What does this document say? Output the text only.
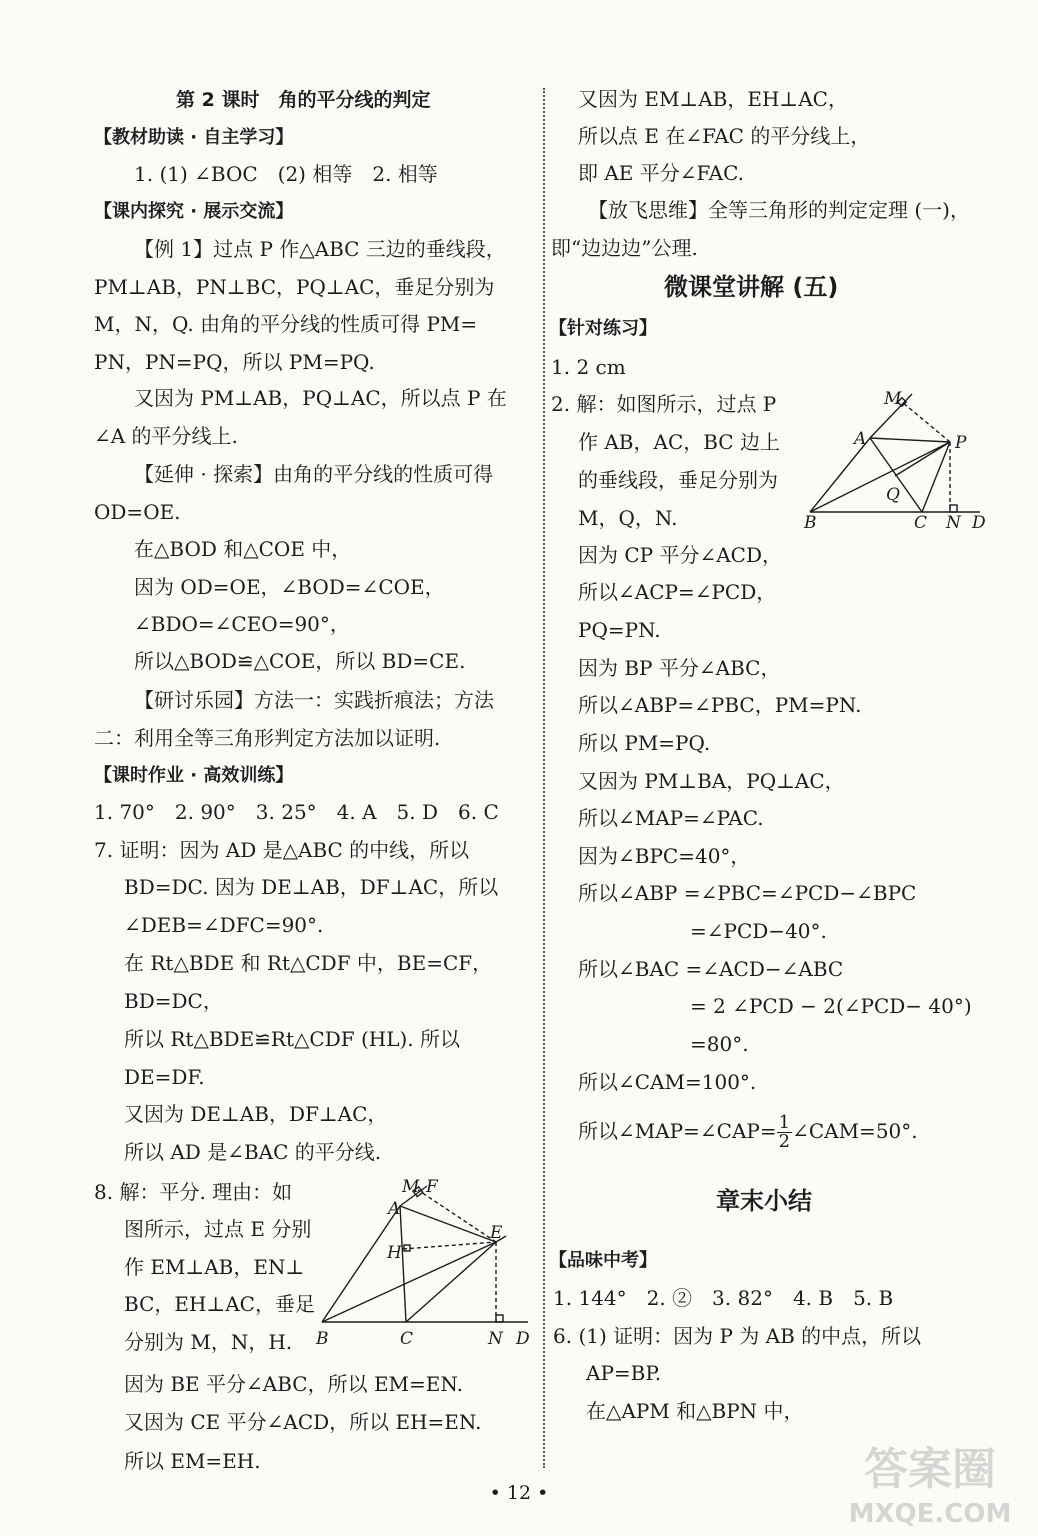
第 2 课时　角的平分线的判定
【教材助读 · 自主学习】
1. (1) ∠BOC　(2) 相等　2. 相等
【课内探究 · 展示交流】
【例 1】过点 P 作△ABC 三边的垂线段，
PM⊥AB，PN⊥BC，PQ⊥AC，垂足分别为
M，N，Q. 由角的平分线的性质可得 PM=
PN，PN=PQ，所以 PM=PQ.
又因为 PM⊥AB，PQ⊥AC，所以点 P 在
∠A 的平分线上.
【延伸 · 探索】由角的平分线的性质可得
OD=OE.
在△BOD 和△COE 中，
因为 OD=OE，∠BOD=∠COE，
∠BDO=∠CEO=90°，
所以△BOD≌△COE，所以 BD=CE.
【研讨乐园】方法一：实践折痕法；方法
二：利用全等三角形判定方法加以证明.
【课时作业 · 高效训练】
1. 70°　2. 90°　3. 25°　4. A　5. D　6. C
7. 证明：因为 AD 是△ABC 的中线，所以
BD=DC. 因为 DE⊥AB，DF⊥AC，所以
∠DEB=∠DFC=90°.
在 Rt△BDE 和 Rt△CDF 中，BE=CF，
BD=DC，
所以 Rt△BDE≌Rt△CDF (HL). 所以
DE=DF.
又因为 DE⊥AB，DF⊥AC，
所以 AD 是∠BAC 的平分线.
8. 解：平分. 理由：如
图所示，过点 E 分别
作 EM⊥AB，EN⊥
BC，EH⊥AC，垂足
分别为 M，N，H.
因为 BE 平分∠ABC，所以 EM=EN.
又因为 CE 平分∠ACD，所以 EH=EN.
所以 EM=EH.
M F
A
E
H
B	C	N D
又因为 EM⊥AB，EH⊥AC，
所以点 E 在∠FAC 的平分线上，
即 AE 平分∠FAC.
【放飞思维】全等三角形的判定定理 (一)，
即“边边边”公理.
微课堂讲解 (五)
【针对练习】
1. 2 cm
2. 解：如图所示，过点 P
作 AB，AC，BC 边上
的垂线段，垂足分别为
M，Q，N.
因为 CP 平分∠ACD，
所以∠ACP=∠PCD，
PQ=PN.
因为 BP 平分∠ABC，
所以∠ABP=∠PBC，PM=PN.
所以 PM=PQ.
又因为 PM⊥BA，PQ⊥AC，
所以∠MAP=∠PAC.
因为∠BPC=40°，
所以∠ABP =∠PBC=∠PCD−∠BPC
=∠PCD−40°.
所以∠BAC =∠ACD−∠ABC
= 2 ∠PCD − 2(∠PCD− 40°)
=80°.
所以∠CAM=100°.
所以∠MAP=∠CAP= $\frac{1}{2}$ ∠CAM=50°.
章末小结
【品味中考】
1. 144°　2. ②　3. 82°　4. B　5. B
6. (1) 证明：因为 P 为 AB 的中点，所以
AP=BP.
在△APM 和△BPN 中，
M
A	P
Q
B	C N D
• 12 •	答案圈
MXQE.COM
